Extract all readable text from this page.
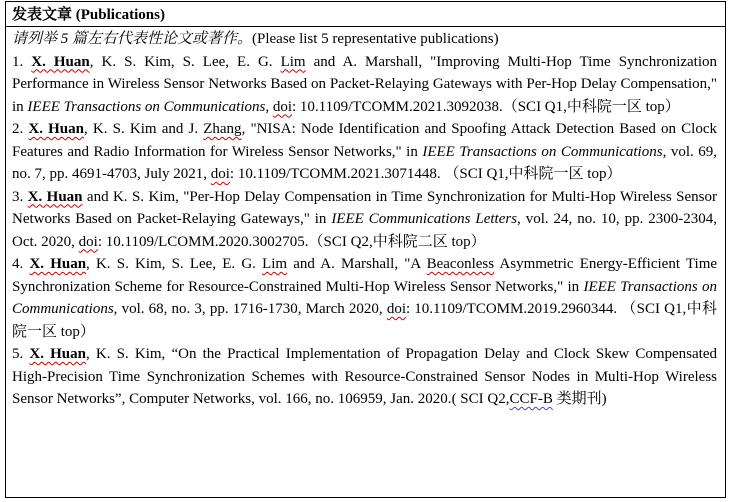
发表文章 (Publications)
请列举 5 篇左右代表性论文或著作。(Please list 5 representative publications)
1. X. Huan, K. S. Kim, S. Lee, E. G. Lim and A. Marshall, "Improving Multi-Hop Time Synchronization Performance in Wireless Sensor Networks Based on Packet-Relaying Gateways with Per-Hop Delay Compensation," in IEEE Transactions on Communications, doi: 10.1109/TCOMM.2021.3092038.（SCI Q1,中科院一区 top）
2. X. Huan, K. S. Kim and J. Zhang, "NISA: Node Identification and Spoofing Attack Detection Based on Clock Features and Radio Information for Wireless Sensor Networks," in IEEE Transactions on Communications, vol. 69, no. 7, pp. 4691-4703, July 2021, doi: 10.1109/TCOMM.2021.3071448. （SCI Q1,中科院一区 top）
3. X. Huan and K. S. Kim, "Per-Hop Delay Compensation in Time Synchronization for Multi-Hop Wireless Sensor Networks Based on Packet-Relaying Gateways," in IEEE Communications Letters, vol. 24, no. 10, pp. 2300-2304, Oct. 2020, doi: 10.1109/LCOMM.2020.3002705.（SCI Q2,中科院二区 top）
4. X. Huan, K. S. Kim, S. Lee, E. G. Lim and A. Marshall, "A Beaconless Asymmetric Energy-Efficient Time Synchronization Scheme for Resource-Constrained Multi-Hop Wireless Sensor Networks," in IEEE Transactions on Communications, vol. 68, no. 3, pp. 1716-1730, March 2020, doi: 10.1109/TCOMM.2019.2960344. （SCI Q1,中科院一区 top）
5. X. Huan, K. S. Kim, “On the Practical Implementation of Propagation Delay and Clock Skew Compensated High-Precision Time Synchronization Schemes with Resource-Constrained Sensor Nodes in Multi-Hop Wireless Sensor Networks”, Computer Networks, vol. 166, no. 106959, Jan. 2020.( SCI Q2,CCF-B 类期刊)
